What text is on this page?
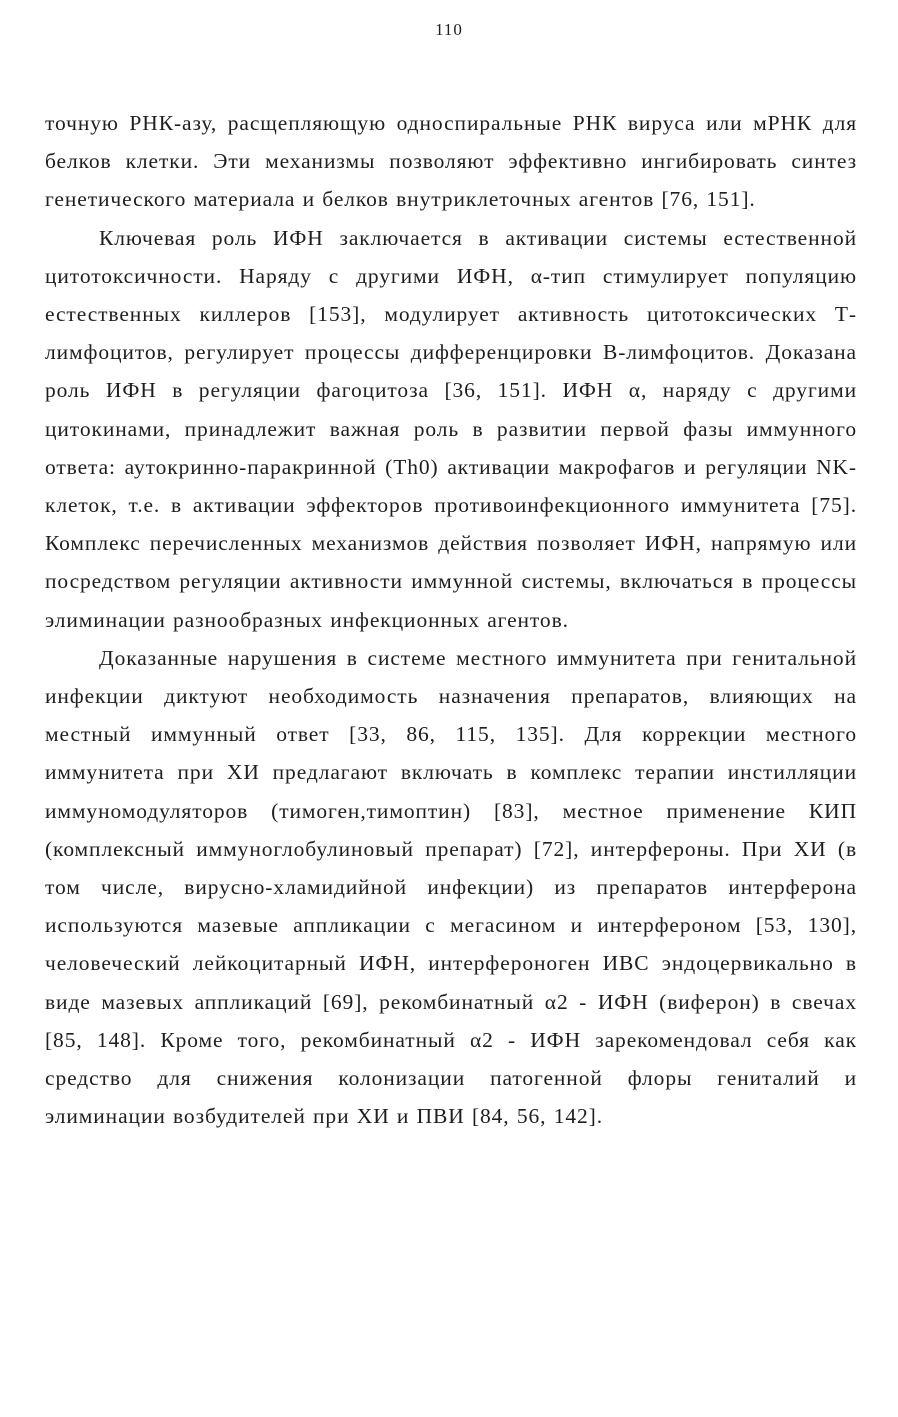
110

точную РНК-азу, расщепляющую односпиральные РНК вируса или мРНК для белков клетки. Эти механизмы позволяют эффективно ингибировать синтез генетического материала и белков внутриклеточных агентов [76, 151].

Ключевая роль ИФН заключается в активации системы естественной цитотоксичности. Наряду с другими ИФН, α-тип стимулирует популяцию естественных киллеров [153], модулирует активность цитотоксических Т-лимфоцитов, регулирует процессы дифференцировки В-лимфоцитов. Доказана роль ИФН в регуляции фагоцитоза [36, 151]. ИФН α, наряду с другими цитокинами, принадлежит важная роль в развитии первой фазы иммунного ответа: аутокринно-паракринной (Th0) активации макрофагов и регуляции NK-клеток, т.е. в активации эффекторов противоинфекционного иммунитета [75]. Комплекс перечисленных механизмов действия позволяет ИФН, напрямую или посредством регуляции активности иммунной системы, включаться в процессы элиминации разнообразных инфекционных агентов.

Доказанные нарушения в системе местного иммунитета при генитальной инфекции диктуют необходимость назначения препаратов, влияющих на местный иммунный ответ [33, 86, 115, 135]. Для коррекции местного иммунитета при ХИ предлагают включать в комплекс терапии инстилляции иммуномодуляторов (тимоген,тимоптин) [83], местное применение КИП (комплексный иммуноглобулиновый препарат) [72], интерфероны. При ХИ (в том числе, вирусно-хламидийной инфекции) из препаратов интерферона используются мазевые аппликации с мегасином и интерфероном [53, 130], человеческий лейкоцитарный ИФН, интерфероноген ИВС эндоцервикально в виде мазевых аппликаций [69], рекомбинатный α2 - ИФН (виферон) в свечах [85, 148]. Кроме того, рекомбинатный α2 - ИФН зарекомендовал себя как средство для снижения колонизации патогенной флоры гениталий и элиминации возбудителей при ХИ и ПВИ [84, 56, 142].
